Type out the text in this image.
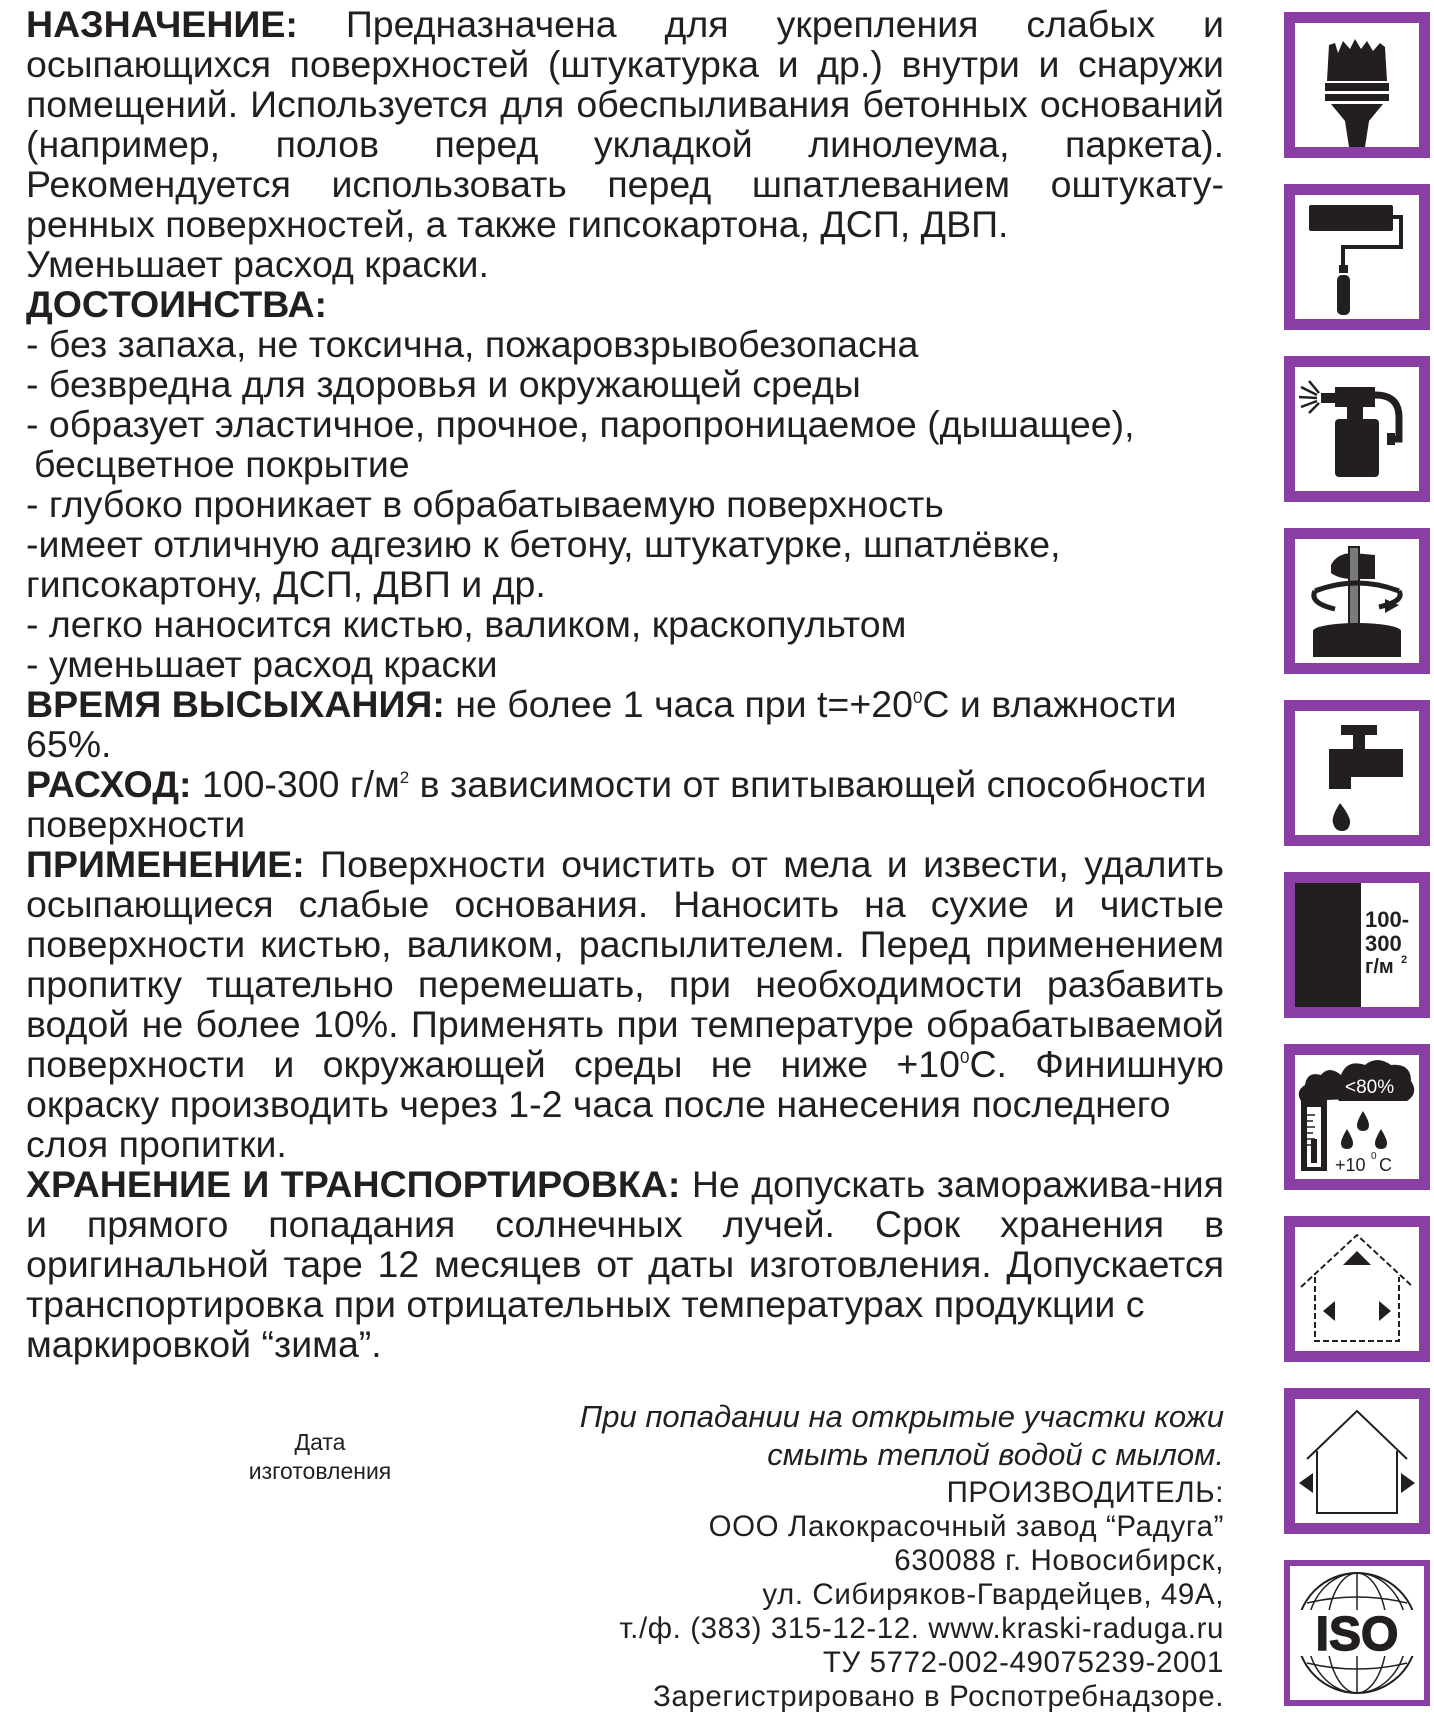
НАЗНАЧЕНИЕ: Предназначена для укрепления слабых и осыпающихся поверхностей (штукатурка и др.) внутри и снаружи помещений. Используется для обеспыливания бетонных оснований (например, полов перед укладкой линолеума, паркета). Рекомендуется использовать перед шпатлеванием оштукату-ренных поверхностей, а также гипсокартона, ДСП, ДВП.

Уменьшает расход краски.

ДОСТОИНСТВА:

- без запаха, не токсична, пожаровзрывобезопасна

- безвредна для здоровья и окружающей среды

- образует эластичное, прочное, паропроницаемое (дышащее),

бесцветное покрытие

- глубоко проникает в обрабатываемую поверхность

-имеет отличную адгезию к бетону, штукатурке, шпатлёвке,

гипсокартону, ДСП, ДВП и др.

- легко наносится кистью, валиком, краскопультом

- уменьшает расход краски

ВРЕМЯ ВЫСЫХАНИЯ: не более 1 часа при $t=+20^0С$ и влажности

65%.

РАСХОД: 100-300 $г/м^2$ в зависимости от впитывающей способности

поверхности

ПРИМЕНЕНИЕ: Поверхности очистить от мела и извести, удалить осыпающиеся слабые основания. Наносить на сухие и чистые поверхности кистью, валиком, распылителем. Перед применением пропитку тщательно перемешать, при необходимости разбавить водой не более 10%. Применять при температуре обрабатываемой поверхности и окружающей среды не ниже $+10^0С$. Финишную окраску производить через 1-2 часа после нанесения последнего

слоя пропитки.

ХРАНЕНИЕ И ТРАНСПОРТИРОВКА: Не допускать заморажива-ния и прямого попадания солнечных лучей. Срок хранения в оригинальной таре 12 месяцев от даты изготовления. Допускается транспортировка при отрицательных температурах продукции с

маркировкой “зима”.

Дата
изготовления
При попадании на открытые участки кожи
смыть теплой водой с мылом.
ПРОИЗВОДИТЕЛЬ:
ООО Лакокрасочный завод “Радуга”
630088 г. Новосибирск,
ул. Сибиряков-Гвардейцев, 49А,
т./ф. (383) 315-12-12. www.kraski-raduga.ru
ТУ 5772-002-49075239-2001
Зарегистрировано в Роспотребнадзоре.
100-
300
г/м 2
<80%
+10 0 C
ISO
